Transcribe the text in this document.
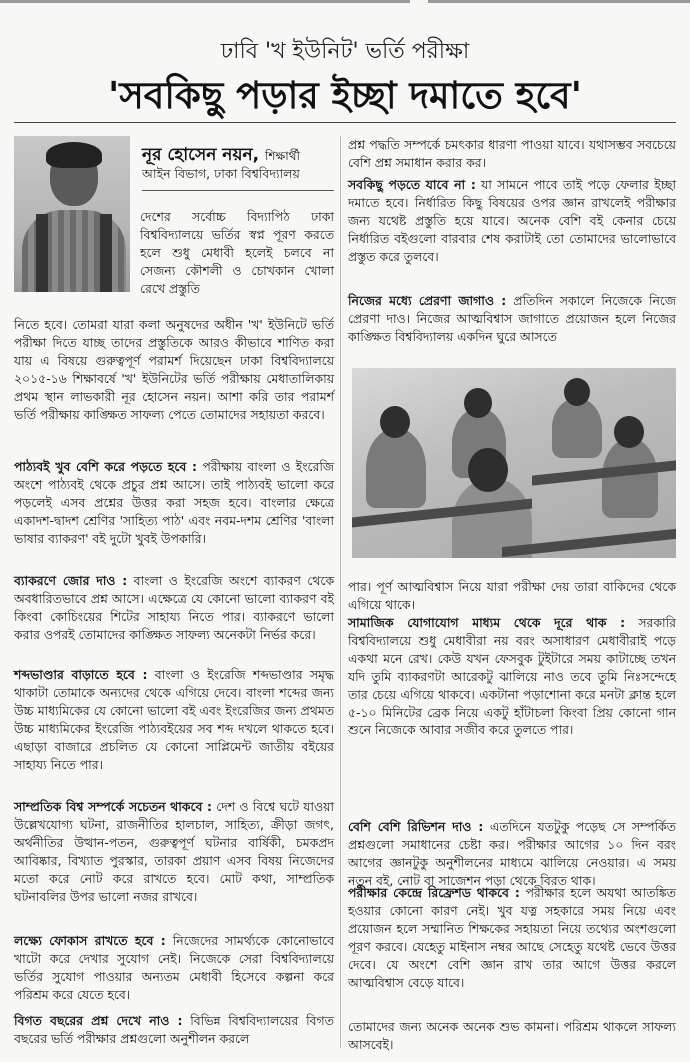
ঢাবি 'খ ইউনিট' ভর্তি পরীক্ষা
'সবকিছু পড়ার ইচ্ছা দমাতে হবে'
নূর হোসেন নয়ন, শিক্ষার্থী
আইন বিভাগ, ঢাকা বিশ্ববিদ্যালয়

দেশের সর্বোচ্চ বিদ্যাপিঠ ঢাকা বিশ্ববিদ্যালয়ে ভর্তির স্বপ্ন পূরণ করতে হলে শুধু মেধাবী হলেই চলবে না সেজন্য কৌশলী ও চোখকান খোলা রেখে প্রস্তুতি

নিতে হবে। তোমরা যারা কলা অনুষদের অধীন 'খ' ইউনিটে ভর্তি পরীক্ষা দিতে যাচ্ছ তাদের প্রস্তুতিকে আরও কীভাবে শাণিত করা যায় এ বিষয়ে গুরুত্বপূর্ণ পরামর্শ দিয়েছেন ঢাকা বিশ্ববিদ্যালয়ে ২০১৫-১৬ শিক্ষাবর্ষে 'খ' ইউনিটের ভর্তি পরীক্ষায় মেধাতালিকায় প্রথম স্থান লাভকারী নূর হোসেন নয়ন। আশা করি তার পরামর্শ ভর্তি পরীক্ষায় কাঙ্ক্ষিত সাফল্য পেতে তোমাদের সহায়তা করবে।

পাঠ্যবই খুব বেশি করে পড়তে হবে : পরীক্ষায় বাংলা ও ইংরেজি অংশে পাঠ্যবই থেকে প্রচুর প্রশ্ন আসে। তাই পাঠ্যবই ভালো করে পড়লেই এসব প্রশ্নের উত্তর করা সহজ হবে। বাংলার ক্ষেত্রে একাদশ-দ্বাদশ শ্রেণির 'সাহিত্য পাঠ' এবং নবম-দশম শ্রেণির 'বাংলা ভাষার ব্যাকরণ' বই দুটো খুবই উপকারি।

ব্যাকরণে জোর দাও : বাংলা ও ইংরেজি অংশে ব্যাকরণ থেকে অবধারিতভাবে প্রশ্ন আসে। এক্ষেত্রে যে কোনো ভালো ব্যাকরণ বই কিংবা কোচিংয়ের শিটের সাহায্য নিতে পার। ব্যাকরণে ভালো করার ওপরই তোমাদের কাঙ্ক্ষিত সাফল্য অনেকটা নির্ভর করে।

শব্দভাণ্ডার বাড়াতে হবে : বাংলা ও ইংরেজি শব্দভাণ্ডার সমৃদ্ধ থাকাটা তোমাকে অন্যদের থেকে এগিয়ে দেবে। বাংলা শব্দের জন্য উচ্চ মাধ্যমিকের যে কোনো ভালো বই এবং ইংরেজির জন্য প্রথমত উচ্চ মাধ্যমিকের ইংরেজি পাঠ্যবইয়ের সব শব্দ দখলে থাকতে হবে। এছাড়া বাজারে প্রচলিত যে কোনো সাপ্লিমেন্ট জাতীয় বইয়ের সাহায্য নিতে পার।

সাম্প্রতিক বিশ্ব সম্পর্কে সচেতন থাকবে : দেশ ও বিশ্বে ঘটে যাওয়া উল্লেখযোগ্য ঘটনা, রাজনীতির হালচাল, সাহিত্য, ক্রীড়া জগৎ, অর্থনীতির উত্থান-পতন, গুরুত্বপূর্ণ ঘটনার বার্ষিকী, চমকপ্রদ আবিষ্কার, বিখ্যাত পুরস্কার, তারকা প্রয়াণ এসব বিষয় নিজেদের মতো করে নোট করে রাখতে হবে। মোট কথা, সাম্প্রতিক ঘটনাবলির উপর ভালো নজর রাখবে।

লক্ষ্যে ফোকাস রাখতে হবে : নিজেদের সামর্থ্যকে কোনোভাবে খাটো করে দেখার সুযোগ নেই। নিজেকে সেরা বিশ্ববিদ্যালয়ে ভর্তির সুযোগ পাওয়ার অন্যতম মেধাবী হিসেবে কল্পনা করে পরিশ্রম করে যেতে হবে।

বিগত বছরের প্রশ্ন দেখে নাও : বিভিন্ন বিশ্ববিদ্যালয়ের বিগত বছরের ভর্তি পরীক্ষার প্রশ্নগুলো অনুশীলন করলে

প্রশ্ন পদ্ধতি সম্পর্কে চমৎকার ধারণা পাওয়া যাবে। যথাসম্ভব সবচেয়ে বেশি প্রশ্ন সমাধান করার কর।

সবকিছু পড়তে যাবে না : যা সামনে পাবে তাই পড়ে ফেলার ইচ্ছা দমাতে হবে। নির্ধারিত কিছু বিষয়ের ওপর জ্ঞান রাখলেই পরীক্ষার জন্য যথেষ্ট প্রস্তুতি হয়ে যাবে। অনেক বেশি বই কেনার চেয়ে নির্ধারিত বইগুলো বারবার শেষ করাটাই তো তোমাদের ভালোভাবে প্রস্তুত করে তুলবে।

নিজের মধ্যে প্রেরণা জাগাও : প্রতিদিন সকালে নিজেকে নিজে প্রেরণা দাও। নিজের আত্মবিশ্বাস জাগাতে প্রয়োজন হলে নিজের কাঙ্ক্ষিত বিশ্ববিদ্যালয় একদিন ঘুরে আসতে

পার। পূর্ণ আত্মবিশ্বাস নিয়ে যারা পরীক্ষা দেয় তারা বাকিদের থেকে এগিয়ে থাকে।

সামাজিক যোগাযোগ মাধ্যম থেকে দূরে থাক : সরকারি বিশ্ববিদ্যালয়ে শুধু মেধাবীরা নয় বরং অসাধারণ মেধাবীরাই পড়ে একথা মনে রেখ। কেউ যখন ফেসবুক টুইটারে সময় কাটাচ্ছে তখন যদি তুমি ব্যাকরণটা আরেকটু ঝালিয়ে নাও তবে তুমি নিঃসন্দেহে তার চেয়ে এগিয়ে থাকবে। একটানা পড়াশোনা করে মনটা ক্লান্ত হলে ৫-১০ মিনিটের ব্রেক নিয়ে একটু হাঁটাচলা কিংবা প্রিয় কোনো গান শুনে নিজেকে আবার সজীব করে তুলতে পার।

বেশি বেশি রিভিশন দাও : এতদিনে যতটুকু পড়েছ সে সম্পর্কিত প্রশ্নগুলো সমাধানের চেষ্টা কর। পরীক্ষার আগের ১০ দিন বরং আগের জ্ঞানটুকু অনুশীলনের মাধ্যমে ঝালিয়ে নেওয়ার। এ সময় নতুন বই, নোট বা সাজেশন পড়া থেকে বিরত থাক।

পরীক্ষার কেন্দ্রে রিফ্রেশড থাকবে : পরীক্ষার হলে অযথা আতঙ্কিত হওয়ার কোনো কারণ নেই। খুব যত্ন সহকারে সময় নিয়ে এবং প্রয়োজন হলে সম্মানিত শিক্ষকের সহায়তা নিয়ে তথ্যের অংশগুলো পূরণ করবে। যেহেতু মাইনাস নম্বর আছে সেহেতু যথেষ্ট ভেবে উত্তর দেবে। যে অংশে বেশি জ্ঞান রাখ তার আগে উত্তর করলে আত্মবিশ্বাস বেড়ে যাবে।

তোমাদের জন্য অনেক অনেক শুভ কামনা। পরিশ্রম থাকলে সাফল্য আসবেই।
